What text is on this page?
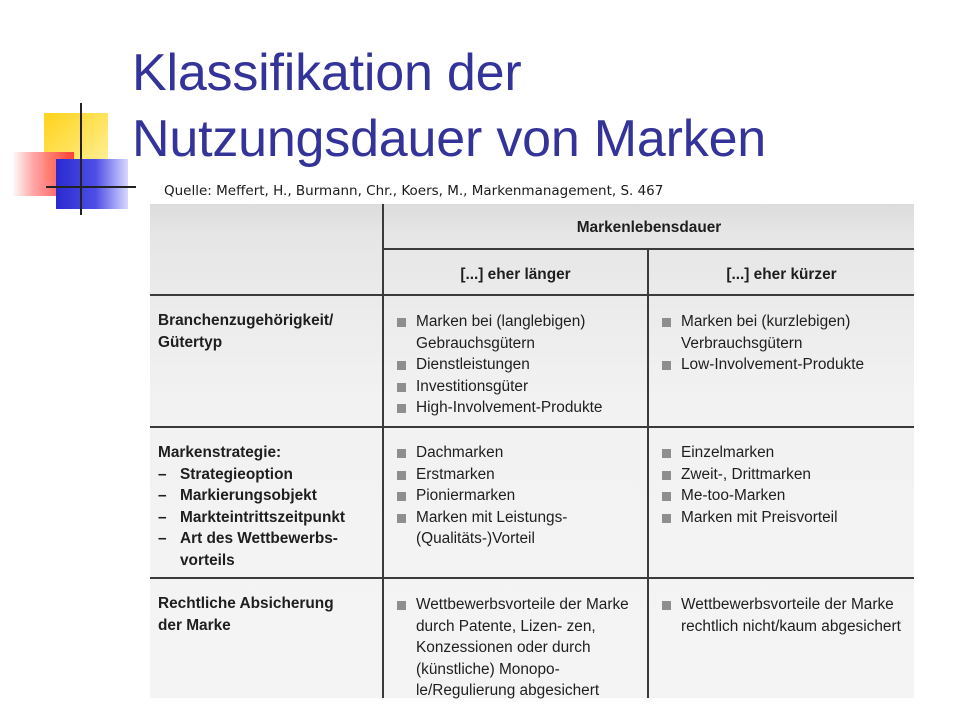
Klassifikation der
Nutzungsdauer von Marken
Quelle: Meffert, H., Burmann, Chr., Koers, M., Markenmanagement, S. 467
Markenlebensdauer
[...] eher länger	[...] eher kürzer
Branchenzugehörigkeit/
Gütertyp
Marken bei (langlebigen) Gebrauchsgütern
Dienstleistungen
Investitionsgüter
High-Involvement-Produkte
Marken bei (kurzlebigen) Verbrauchsgütern
Low-Involvement-Produkte
Markenstrategie:
– Strategieoption
– Markierungsobjekt
– Markteintrittszeitpunkt
– Art des Wettbewerbs- vorteils
Dachmarken
Erstmarken
Pioniermarken
Marken mit Leistungs- (Qualitäts-)Vorteil
Einzelmarken
Zweit-, Drittmarken
Me-too-Marken
Marken mit Preisvorteil
Rechtliche Absicherung
der Marke
Wettbewerbsvorteile der Marke durch Patente, Lizen- zen, Konzessionen oder durch (künstliche) Monopo- le/Regulierung abgesichert
Wettbewerbsvorteile der Marke rechtlich nicht/kaum abgesichert
